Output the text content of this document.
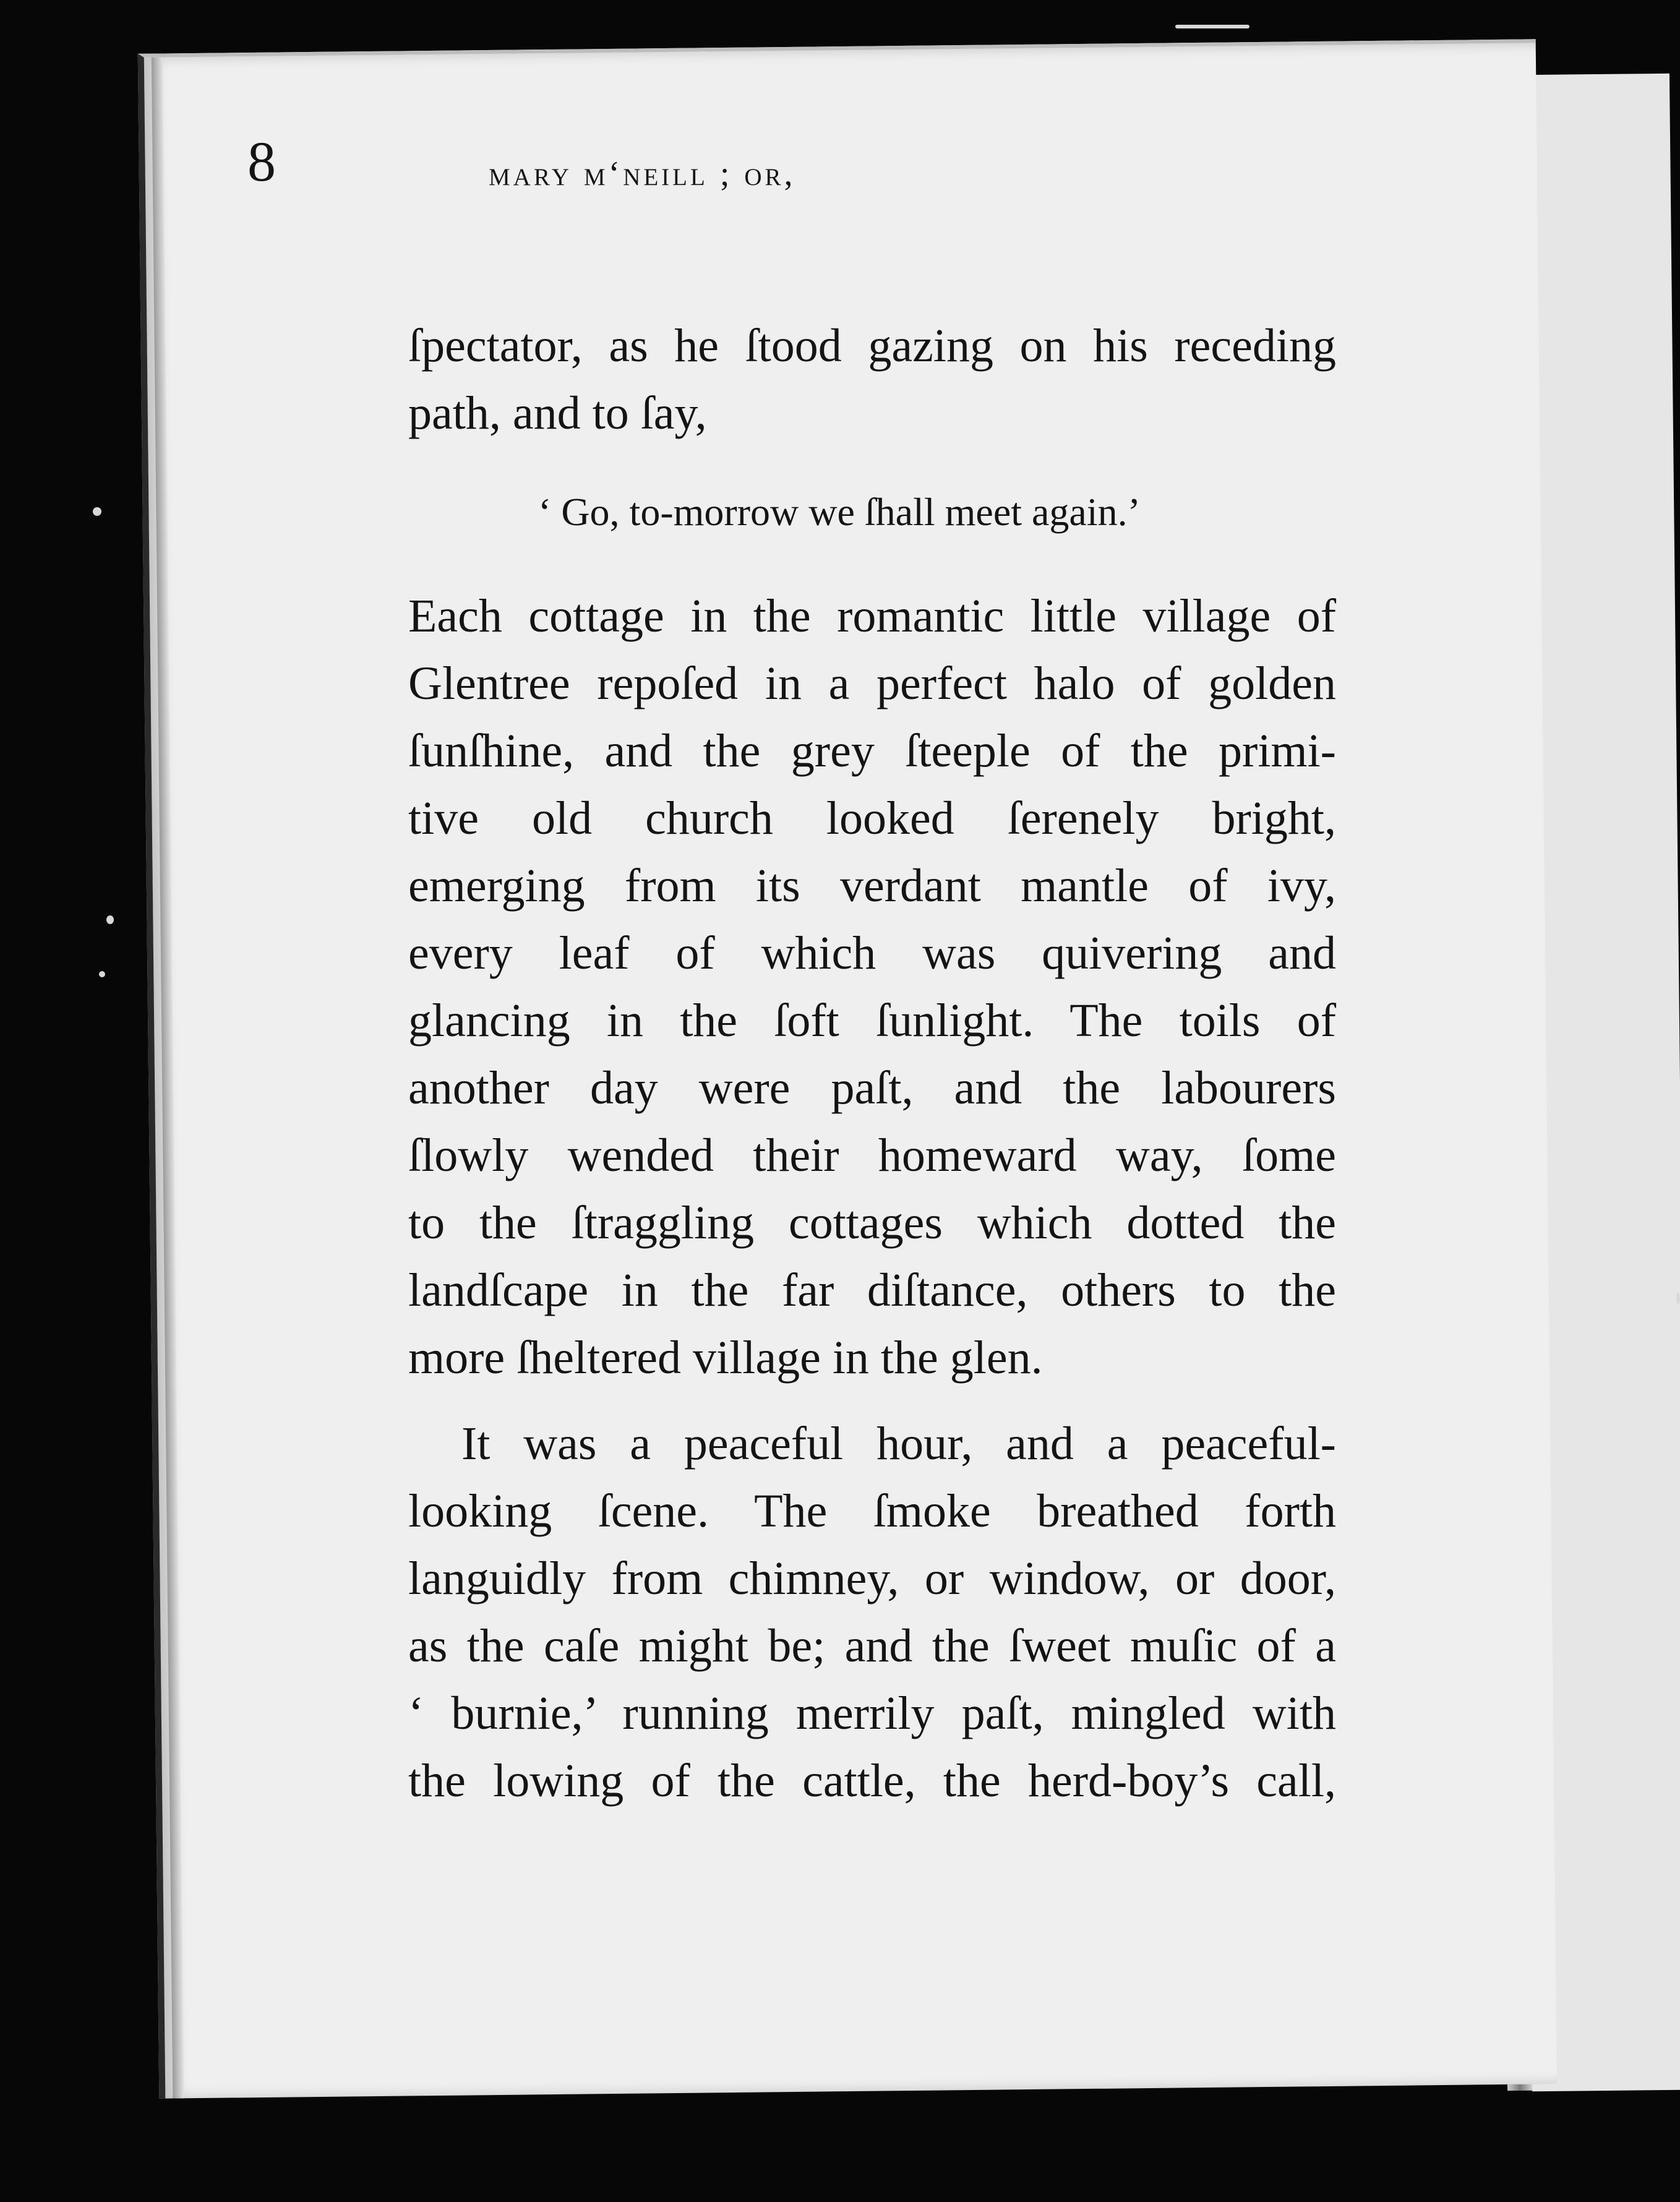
8	mary m‘neill ; or,
ſpectator, as he ſtood gazing on his receding
path, and to ſay,
‘ Go, to-morrow we ſhall meet again.’
Each cottage in the romantic little village of
Glentree repoſed in a perfect halo of golden
ſunſhine, and the grey ſteeple of the primi-
tive old church looked ſerenely bright,
emerging from its verdant mantle of ivy,
every leaf of which was quivering and
glancing in the ſoft ſunlight. The toils of
another day were paſt, and the labourers
ſlowly wended their homeward way, ſome
to the ſtraggling cottages which dotted the
landſcape in the far diſtance, others to the
more ſheltered village in the glen.
It was a peaceful hour, and a peaceful-
looking ſcene. The ſmoke breathed forth
languidly from chimney, or window, or door,
as the caſe might be; and the ſweet muſic of a
‘ burnie,’ running merrily paſt, mingled with
the lowing of the cattle, the herd-boy’s call,
